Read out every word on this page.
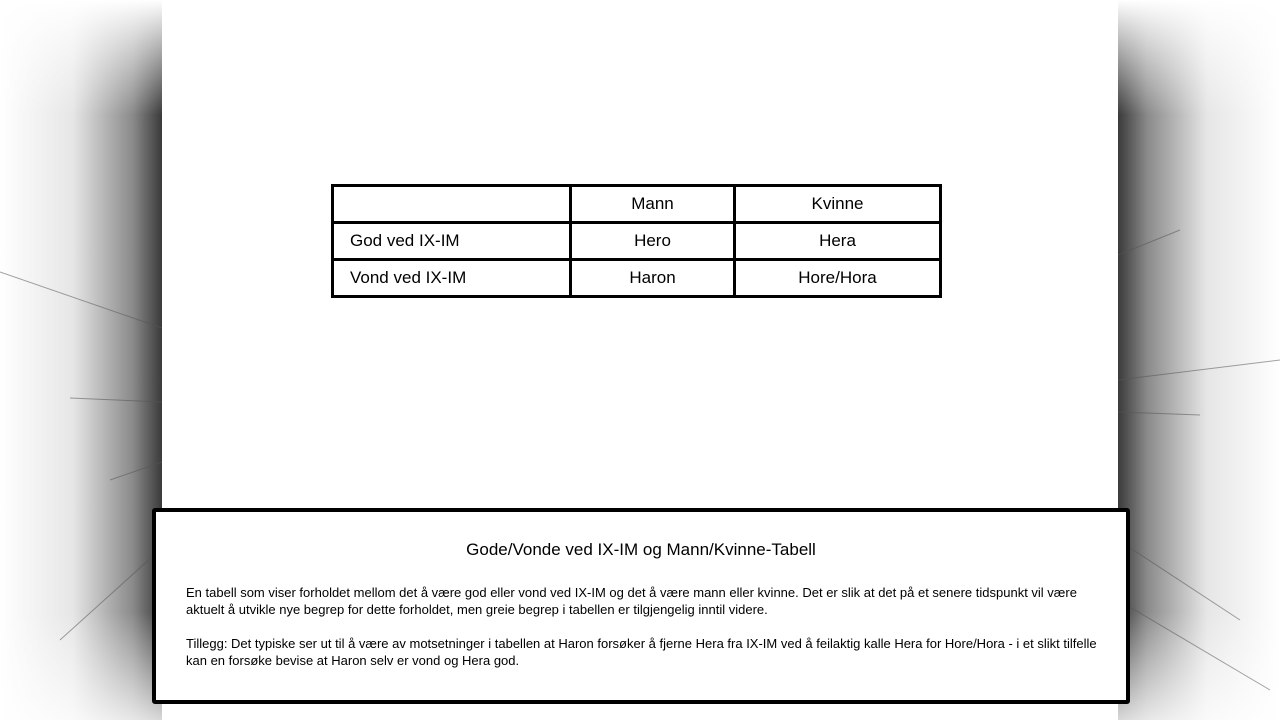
	Mann	Kvinne
God ved IX-IM	Hero	Hera
Vond ved IX-IM	Haron	Hore/Hora
Gode/Vonde ved IX-IM og Mann/Kvinne-Tabell

En tabell som viser forholdet mellom det å være god eller vond ved IX-IM og det å være mann eller kvinne. Det er slik at det på et senere tidspunkt vil være aktuelt å utvikle nye begrep for dette forholdet, men greie begrep i tabellen er tilgjengelig inntil videre.

Tillegg: Det typiske ser ut til å være av motsetninger i tabellen at Haron forsøker å fjerne Hera fra IX-IM ved å feilaktig kalle Hera for Hore/Hora - i et slikt tilfelle kan en forsøke bevise at Haron selv er vond og Hera god.
